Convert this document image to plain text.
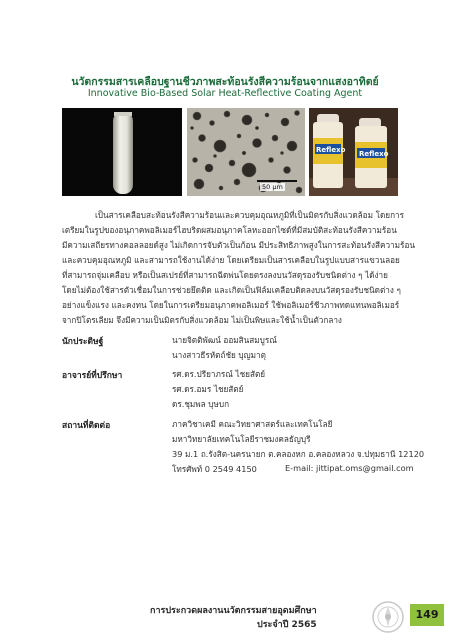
นวัตกรรมสารเคลือบฐานชีวภาพสะท้อนรังสีความร้อนจากแสงอาทิตย์
Innovative Bio-Based Solar Heat-Reflective Coating Agent
50 µm
Reflexo Reflexo
เป็นสารเคลือบสะท้อนรังสีความร้อนและควบคุมอุณหภูมิที่เป็นมิตรกับสิ่งแวดล้อม โดยการ
เตรียมในรูปของอนุภาคพอลิเมอร์ไฮบริดผสมอนุภาคโลหะออกไซด์ที่มีสมบัติสะท้อนรังสีความร้อน
มีความเสถียรทางคอลลอยด์สูง ไม่เกิดการจับตัวเป็นก้อน มีประสิทธิภาพสูงในการสะท้อนรังสีความร้อน
และควบคุมอุณหภูมิ และสามารถใช้งานได้ง่าย โดยเตรียมเป็นสารเคลือบในรูปแบบสารแขวนลอย
ที่สามารถจุ่มเคลือบ หรือเป็นสเปรย์ที่สามารถฉีดพ่นโดยตรงลงบนวัสดุรองรับชนิดต่าง ๆ ได้ง่าย
โดยไม่ต้องใช้สารตัวเชื่อมในการช่วยยึดติด และเกิดเป็นฟิล์มเคลือบติดลงบนวัสดุรองรับชนิดต่าง ๆ
อย่างแข็งแรง และคงทน โดยในการเตรียมอนุภาคพอลิเมอร์ ใช้พอลิเมอร์ชีวภาพทดแทนพอลิเมอร์
จากปิโตรเลียม จึงมีความเป็นมิตรกับสิ่งแวดล้อม ไม่เป็นพิษและใช้น้ำเป็นตัวกลาง
นักประดิษฐ์	นายจิตติพัฒน์ ออมสินสมบูรณ์
นางสาวธีรหัตถ์ชัย บุญมาตุ
อาจารย์ที่ปรึกษา	รศ.ดร.ปรียาภรณ์ ไชยสัตย์
รศ.ดร.อมร ไชยสัตย์
ดร.ชุมพล บุษบก
สถานที่ติดต่อ	ภาควิชาเคมี คณะวิทยาศาสตร์และเทคโนโลยี
มหาวิทยาลัยเทคโนโลยีราชมงคลธัญบุรี
39 ม.1 ถ.รังสิต-นครนายก ต.คลองหก อ.คลองหลวง จ.ปทุมธานี 12120
โทรศัพท์ 0 2549 4150	E-mail: jittipat.oms@gmail.com
การประกวดผลงานนวัตกรรมสายอุดมศึกษา
ประจำปี 2565
149
